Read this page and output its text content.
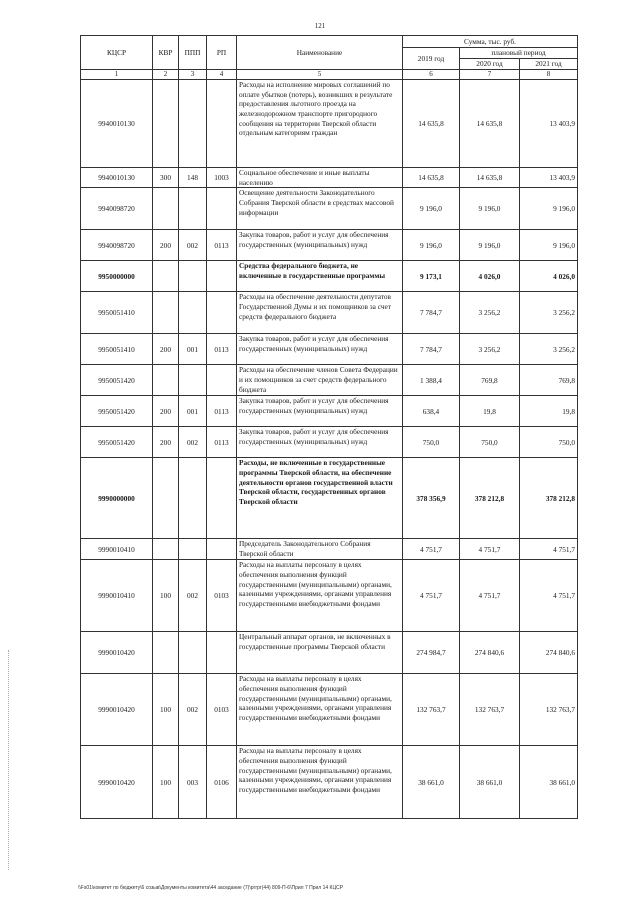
121
КЦСР	КВР	ППП	РП	Наименование	Сумма, тыс. руб.		
					2019 год	плановый период	
						2020 год	2021 год
1	2	3	4	5	6	7	8
9940010130				Расходы на исполнение мировых соглашений по оплате убытков (потерь), возникших в результате предоставления льготного проезда на железнодорожном транспорте пригородного сообщения на территории Тверской области отдельным категориям граждан	14 635,8	14 635,8	13 403,9
9940010130	300	148	1003	Социальное обеспечение и иные выплаты населению	14 635,8	14 635,8	13 403,9
9940098720				Освещение деятельности Законодательного Собрания Тверской области в средствах массовой информации	9 196,0	9 196,0	9 196,0
9940098720	200	002	0113	Закупка товаров, работ и услуг для обеспечения государственных (муниципальных) нужд	9 196,0	9 196,0	9 196,0
9950000000				Средства федерального бюджета, не включенные в государственные программы	9 173,1	4 026,0	4 026,0
9950051410				Расходы на обеспечение деятельности депутатов Государственной Думы и их помощников за счет средств федерального бюджета	7 784,7	3 256,2	3 256,2
9950051410	200	001	0113	Закупка товаров, работ и услуг для обеспечения государственных (муниципальных) нужд	7 784,7	3 256,2	3 256,2
9950051420				Расходы на обеспечение членов Совета Федерации и их помощников за счет средств федерального бюджета	1 388,4	769,8	769,8
9950051420	200	001	0113	Закупка товаров, работ и услуг для обеспечения государственных (муниципальных) нужд	638,4	19,8	19,8
9950051420	200	002	0113	Закупка товаров, работ и услуг для обеспечения государственных (муниципальных) нужд	750,0	750,0	750,0
9990000000				Расходы, не включенные в государственные программы Тверской области, на обеспечение деятельности органов государственной власти Тверской области, государственных органов Тверской области	378 356,9	378 212,8	378 212,8
9990010410				Председатель Законодательного Собрания Тверской области	4 751,7	4 751,7	4 751,7
9990010410	100	002	0103	Расходы на выплаты персоналу в целях обеспечения выполнения функций государственными (муниципальными) органами, казенными учреждениями, органами управления государственными внебюджетными фондами	4 751,7	4 751,7	4 751,7
9990010420				Центральный аппарат органов, не включенных в государственные программы Тверской области	274 984,7	274 840,6	274 840,6
9990010420	100	002	0103	Расходы на выплаты персоналу в целях обеспечения выполнения функций государственными (муниципальными) органами, казенными учреждениями, органами управления государственными внебюджетными фондами	132 763,7	132 763,7	132 763,7
9990010420	100	003	0106	Расходы на выплаты персоналу в целях обеспечения выполнения функций государственными (муниципальными) органами, казенными учреждениями, органами управления государственными внебюджетными фондами	38 661,0	38 661,0	38 661,0
\\Fs01\комитет по бюджету\6 созыв\Документы комитета\44 заседание (7)\рггрг(44) 809-П-6\Прил 7 Прил 14 КЦСР
